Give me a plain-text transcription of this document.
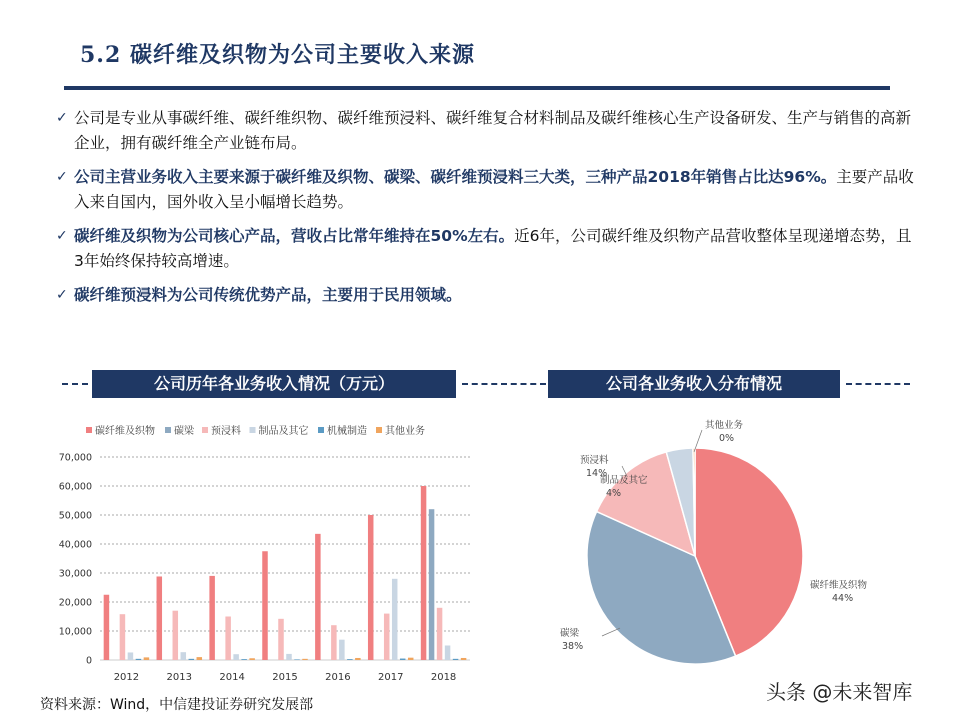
5.2 碳纤维及织物为公司主要收入来源
✓ 公司是专业从事碳纤维、碳纤维织物、碳纤维预浸料、碳纤维复合材料制品及碳纤维核心生产设备研发、生产与销售的高新企业，拥有碳纤维全产业链布局。
✓ 公司主营业务收入主要来源于碳纤维及织物、碳梁、碳纤维预浸料三大类，三种产品2018年销售占比达96%。主要产品收入来自国内，国外收入呈小幅增长趋势。
✓ 碳纤维及织物为公司核心产品，营收占比常年维持在50%左右。近6年，公司碳纤维及织物产品营收整体呈现递增态势，且3年始终保持较高增速。
✓ 碳纤维预浸料为公司传统优势产品，主要用于民用领域。
公司历年各业务收入情况（万元）	公司各业务收入分布情况
碳纤维及织物 碳梁 预浸料 制品及其它 机械制造 其他业务
0
10,000
20,000
30,000
40,000
50,000
60,000
70,000
2012	2013	2014	2015	2016	2017	2018
碳纤维及织物
44%
碳梁
38%
预浸料
14%
制品及其它
4%
其他业务
0%
资料来源：Wind，中信建投证券研究发展部
头条 @未来智库
